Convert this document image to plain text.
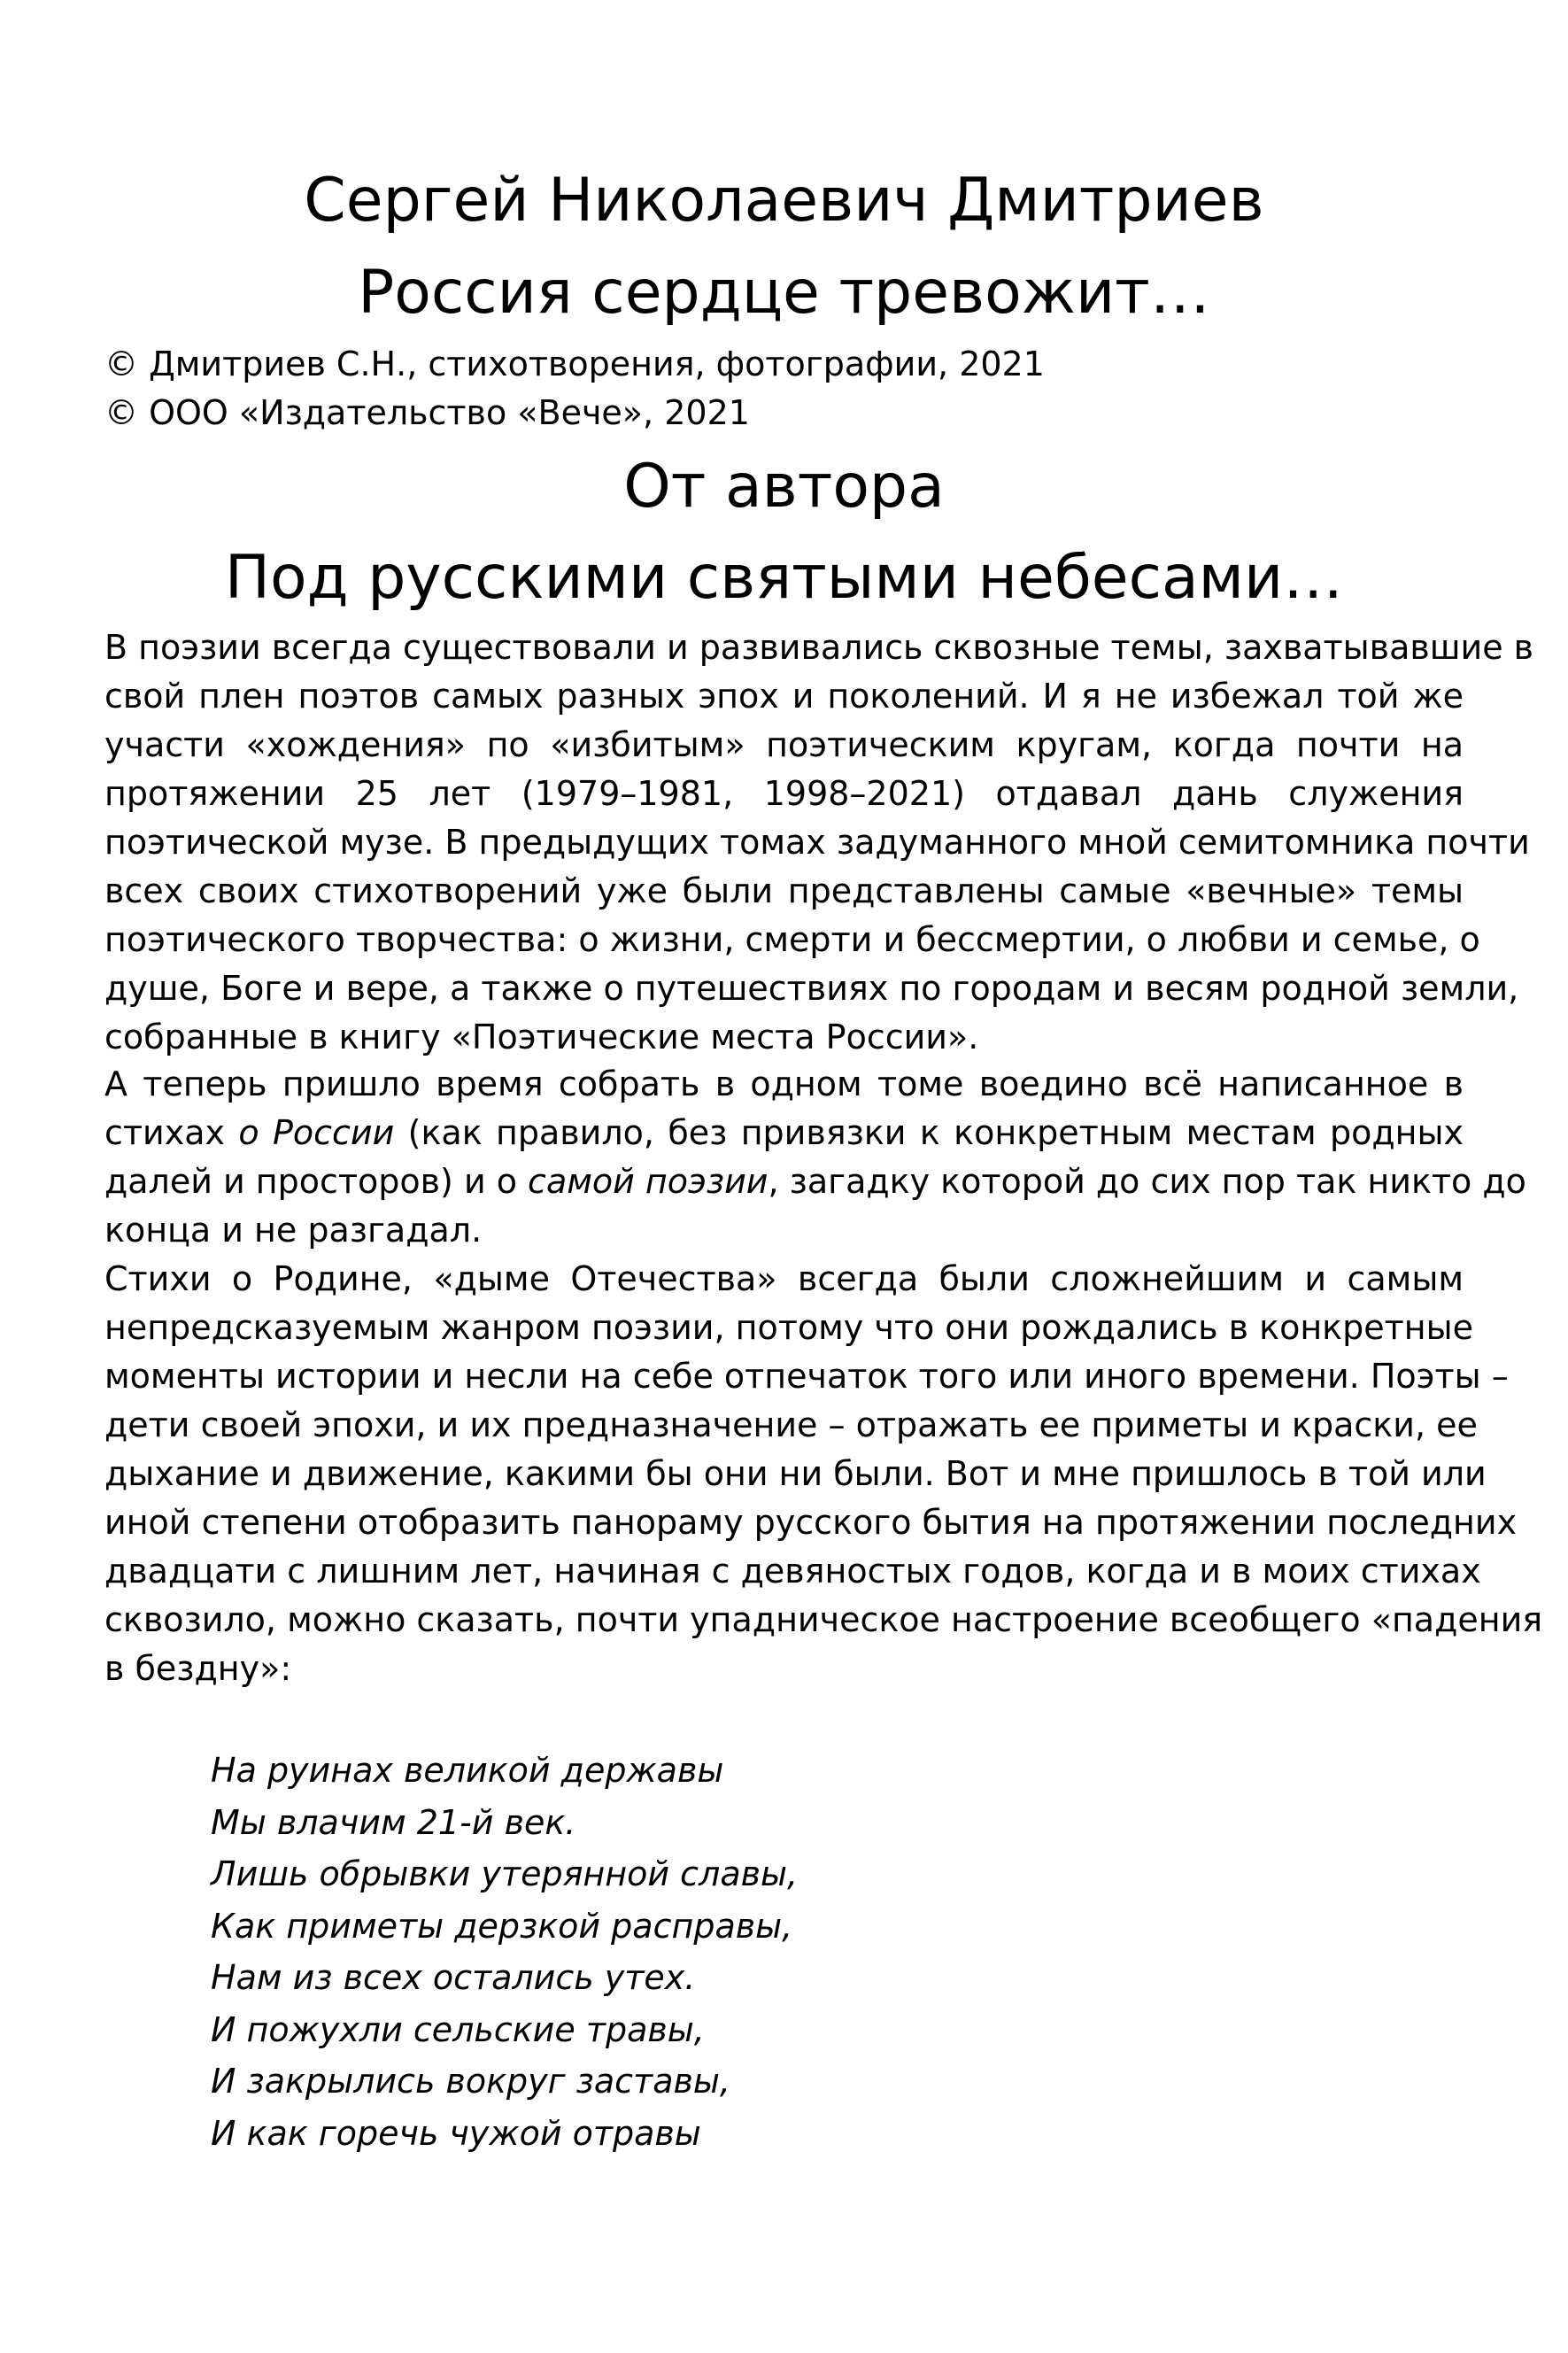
Сергей Николаевич Дмитриев
Россия сердце тревожит…
© Дмитриев С.Н., стихотворения, фотографии, 2021
© ООО «Издательство «Вече», 2021
От автора
Под русскими святыми небесами…
В поэзии всегда существовали и развивались сквозные темы, захватывавшие в
свой плен поэтов самых разных эпох и поколений. И я не избежал той же
участи «хождения» по «избитым» поэтическим кругам, когда почти на
протяжении 25 лет (1979–1981, 1998–2021) отдавал дань служения
поэтической музе. В предыдущих томах задуманного мной семитомника почти
всех своих стихотворений уже были представлены самые «вечные» темы
поэтического творчества: о жизни, смерти и бессмертии, о любви и семье, о
душе, Боге и вере, а также о путешествиях по городам и весям родной земли,
собранные в книгу «Поэтические места России».
А теперь пришло время собрать в одном томе воедино всё написанное в
стихах о России (как правило, без привязки к конкретным местам родных
далей и просторов) и о самой поэзии, загадку которой до сих пор так никто до
конца и не разгадал.
Стихи о Родине, «дыме Отечества» всегда были сложнейшим и самым
непредсказуемым жанром поэзии, потому что они рождались в конкретные
моменты истории и несли на себе отпечаток того или иного времени. Поэты –
дети своей эпохи, и их предназначение – отражать ее приметы и краски, ее
дыхание и движение, какими бы они ни были. Вот и мне пришлось в той или
иной степени отобразить панораму русского бытия на протяжении последних
двадцати с лишним лет, начиная с девяностых годов, когда и в моих стихах
сквозило, можно сказать, почти упадническое настроение всеобщего «падения
в бездну»:
На руинах великой державы
Мы влачим 21-й век.
Лишь обрывки утерянной славы,
Как приметы дерзкой расправы,
Нам из всех остались утех.
И пожухли сельские травы,
И закрылись вокруг заставы,
И как горечь чужой отравы
